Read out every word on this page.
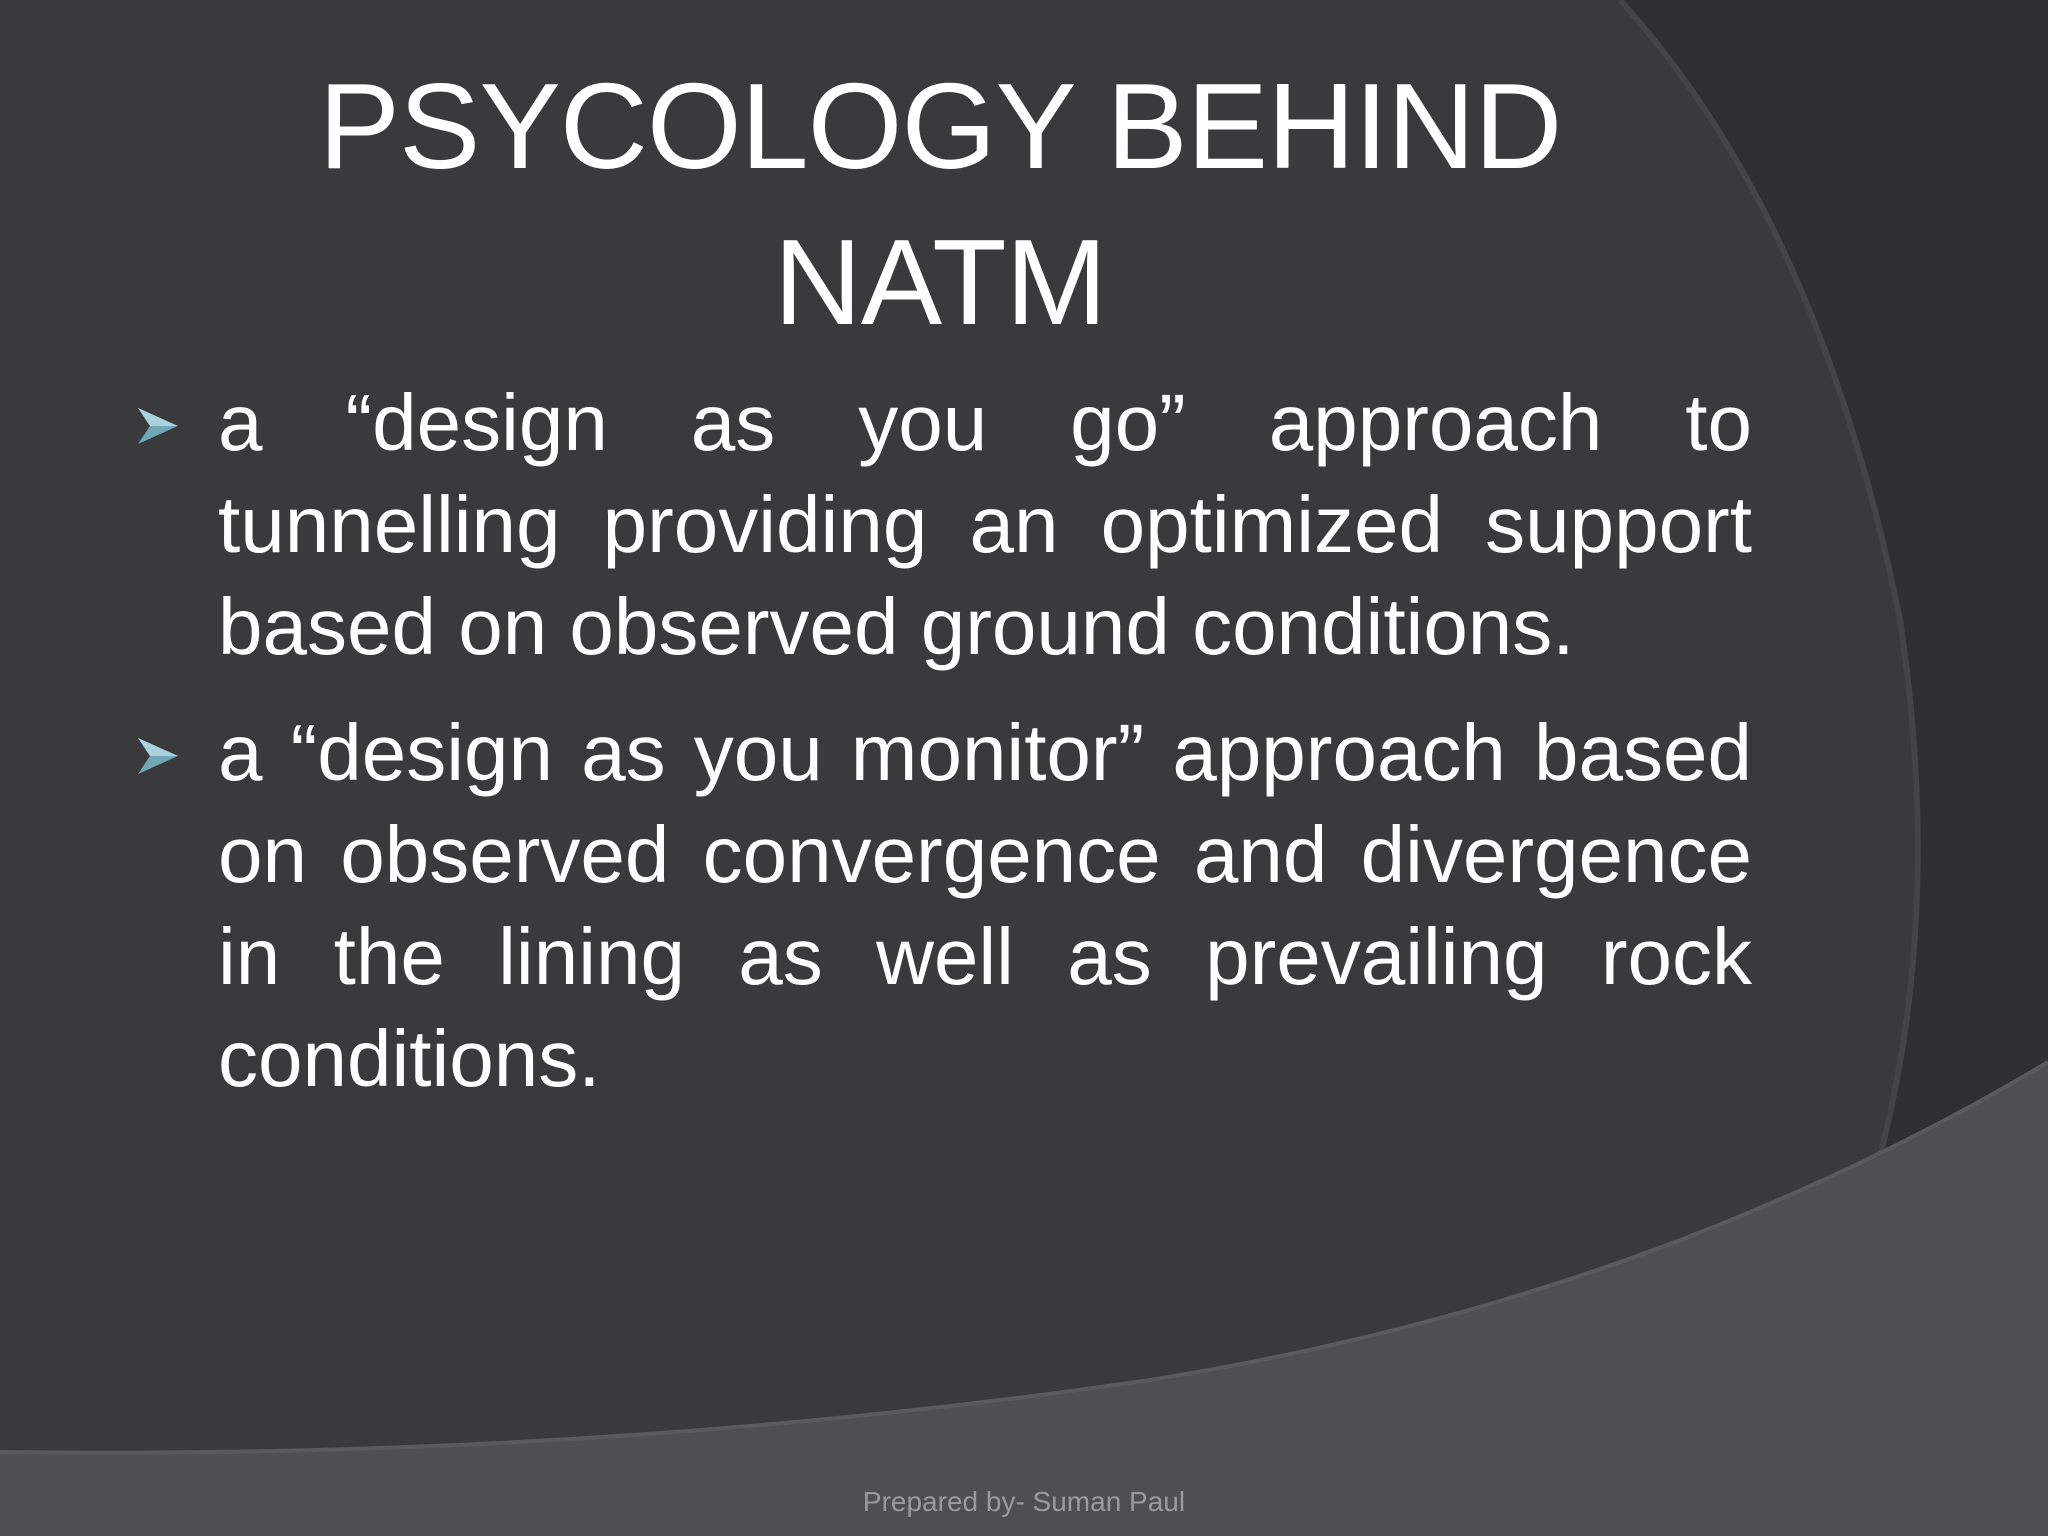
PSYCOLOGY BEHIND
NATM
a “design as you go” approach to tunnelling providing an optimized support based on observed ground conditions.
a “design as you monitor” approach based on observed convergence and divergence in the lining as well as prevailing rock conditions.
Prepared by- Suman Paul
